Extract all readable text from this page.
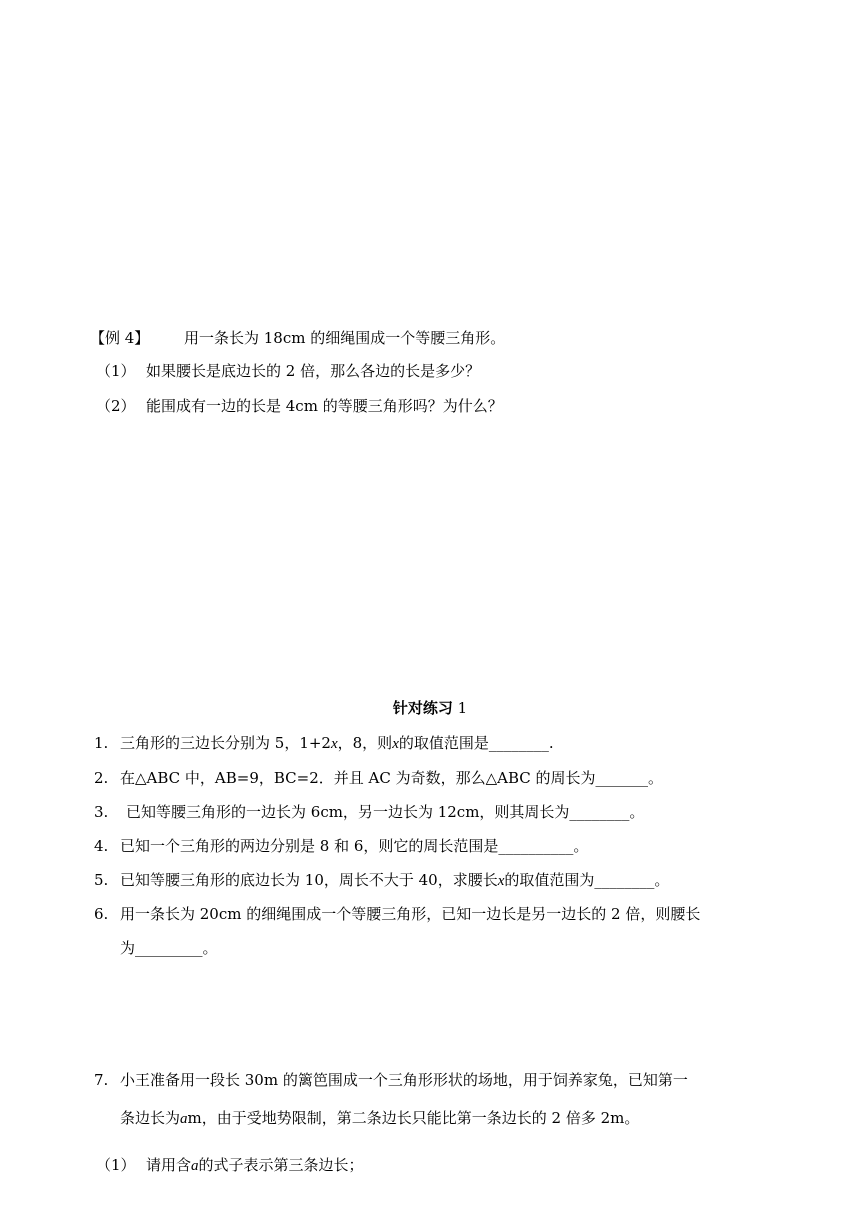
【例 4】 用一条长为 18cm 的细绳围成一个等腰三角形。
（1） 如果腰长是底边长的 2 倍，那么各边的长是多少？
（2） 能围成有一边的长是 4cm 的等腰三角形吗？为什么？
针对练习 1
1. 三角形的三边长分别为 5，1+2x，8，则x的取值范围是________.
2. 在△ABC 中，AB=9，BC=2．并且 AC 为奇数，那么△ABC 的周长为_______。
3. 已知等腰三角形的一边长为 6cm，另一边长为 12cm，则其周长为________。
4. 已知一个三角形的两边分别是 8 和 6，则它的周长范围是__________。
5. 已知等腰三角形的底边长为 10，周长不大于 40，求腰长x的取值范围为________。
6. 用一条长为 20cm 的细绳围成一个等腰三角形，已知一边长是另一边长的 2 倍，则腰长
为_________。
7. 小王准备用一段长 30m 的篱笆围成一个三角形形状的场地，用于饲养家兔，已知第一
条边长为am，由于受地势限制，第二条边长只能比第一条边长的 2 倍多 2m。
（1） 请用含a的式子表示第三条边长；
